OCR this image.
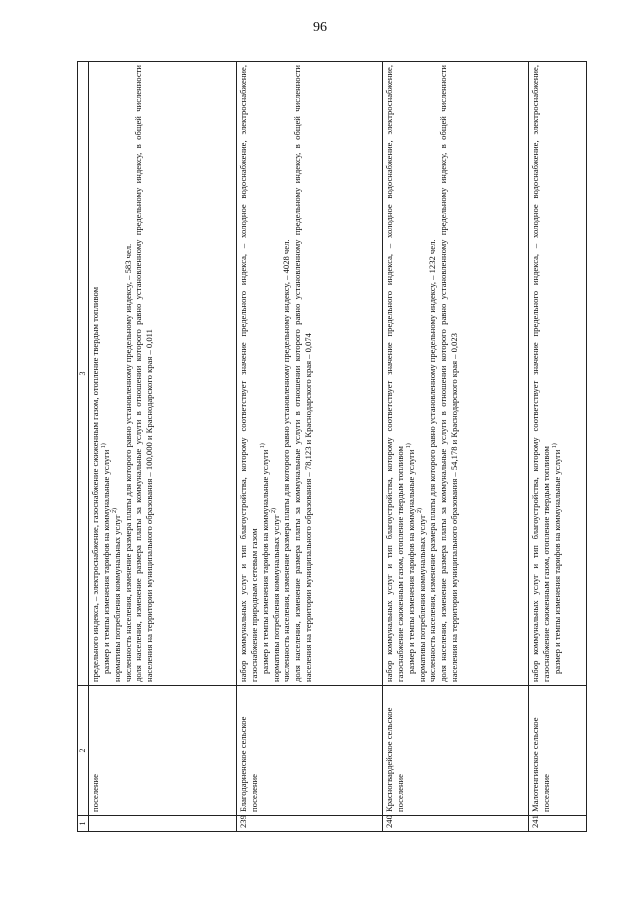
96
1	2	3
	поселение	предельного индекса, – электроснабжение, газоснабжение сжиженным газом, отопление твердым топливом размер и темпы изменения тарифов на коммунальные услуги $^{1)}$
нормативы потребления коммунальных услуг $^{2)}$ численность населения, изменение размера платы для которого равно установленному предельному индексу, – 583 чел. доля населения, изменение размера платы за коммунальные услуги в отношении которого равно установленному предельному индексу, в общей численности населения на территории муниципального образования – 100,000 и Краснодарского края – 0,011

239	Благодарненское сельское поселение	набор коммунальных услуг и тип благоустройства, которому соответствует значение предельного индекса, – холодное водоснабжение, электроснабжение, газоснабжение природным сетевым газом размер и темпы изменения тарифов на коммунальные услуги $^{1)}$
нормативы потребления коммунальных услуг $^{2)}$ численность населения, изменение размера платы для которого равно установленному предельному индексу, – 4028 чел. доля населения, изменение размера платы за коммунальные услуги в отношении которого равно установленному предельному индексу, в общей численности населения на территории муниципального образования – 78,123 и Краснодарского края – 0,074

240	Красногвардейское сельское поселение	набор коммунальных услуг и тип благоустройства, которому соответствует значение предельного индекса, – холодное водоснабжение, электроснабжение, газоснабжение сжиженным газом, отопление твердым топливом размер и темпы изменения тарифов на коммунальные услуги $^{1)}$
нормативы потребления коммунальных услуг $^{2)}$ численность населения, изменение размера платы для которого равно установленному предельному индексу, – 1232 чел. доля населения, изменение размера платы за коммунальные услуги в отношении которого равно установленному предельному индексу, в общей численности населения на территории муниципального образования – 54,178 и Краснодарского края – 0,023

241	Малотенгинское сельское поселение	набор коммунальных услуг и тип благоустройства, которому соответствует значение предельного индекса, – холодное водоснабжение, электроснабжение, газоснабжение сжиженным газом, отопление твердым топливом размер и темпы изменения тарифов на коммунальные услуги $^{1)}$
